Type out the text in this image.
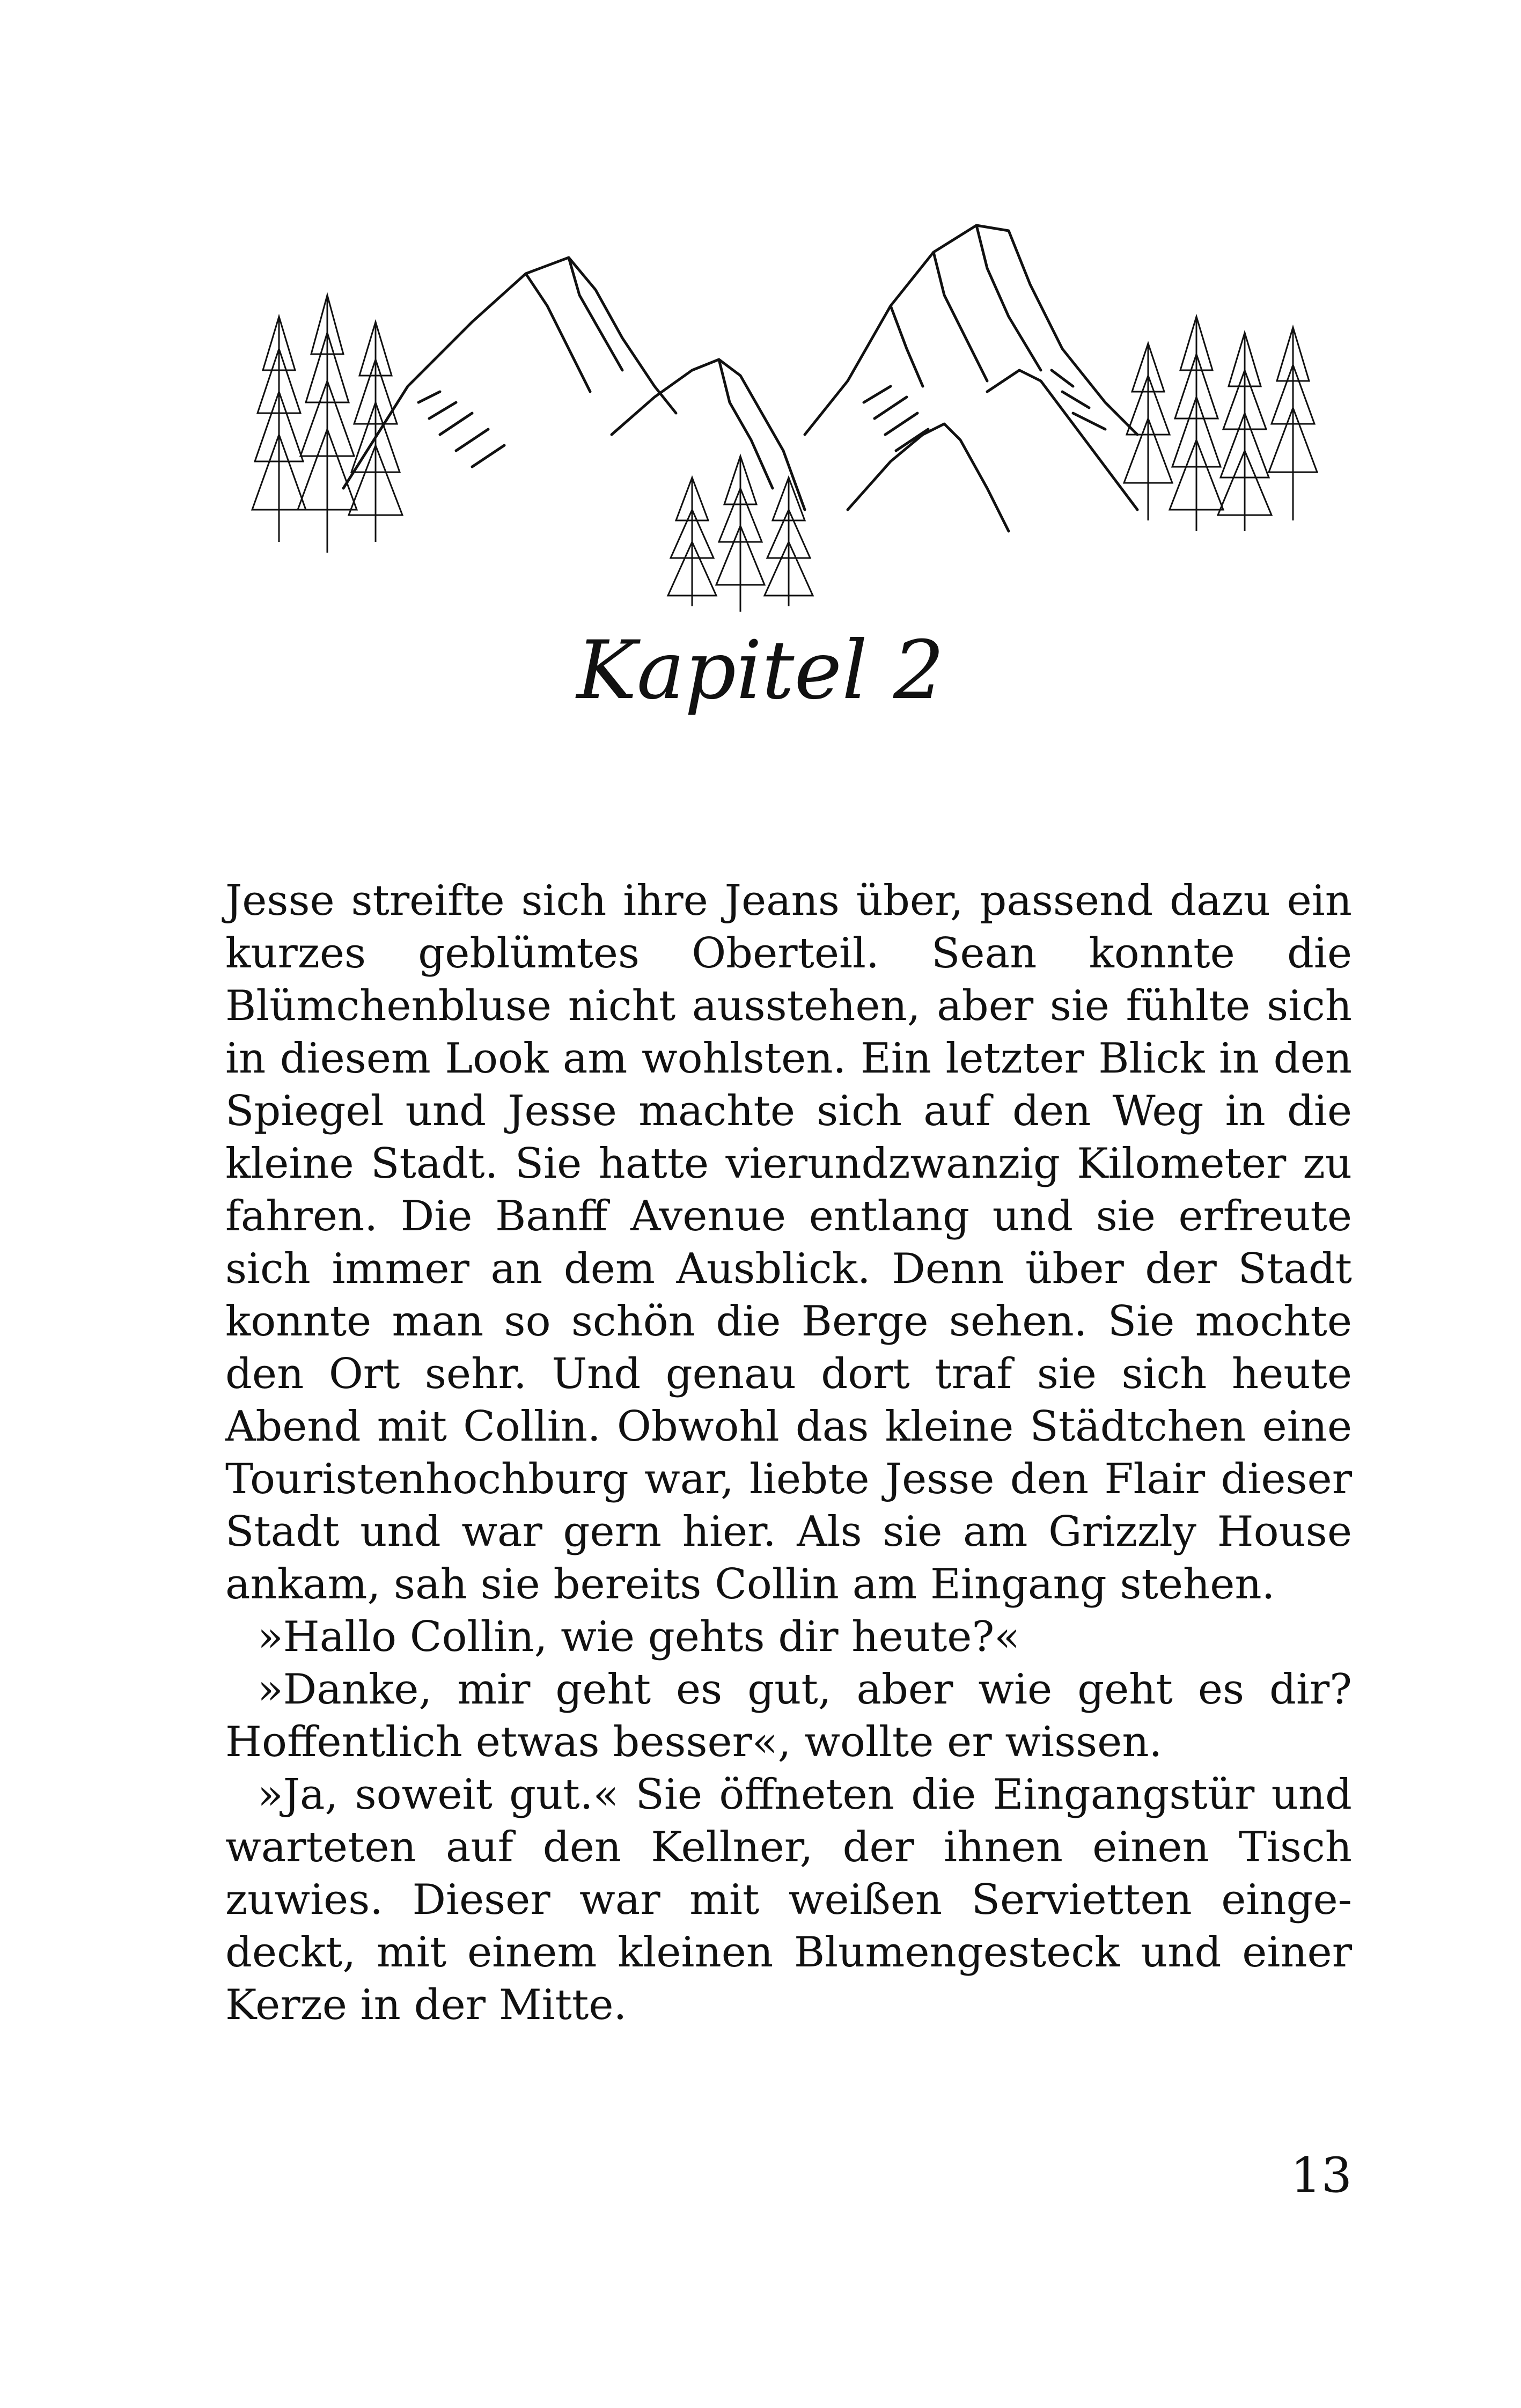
Kapitel 2

Jesse streifte sich ihre Jeans über, passend dazu ein kurzes geblümtes Oberteil. Sean konnte die Blümchenbluse nicht ausstehen, aber sie fühlte sich in diesem Look am wohlsten. Ein letzter Blick in den Spiegel und Jesse machte sich auf den Weg in die kleine Stadt. Sie hatte vierundzwanzig Kilometer zu fahren. Die Banff Avenue entlang und sie erfreute sich immer an dem Ausblick. Denn über der Stadt konnte man so schön die Berge sehen. Sie mochte den Ort sehr. Und genau dort traf sie sich heute Abend mit Collin. Obwohl das kleine Städtchen eine Touristenhochburg war, liebte Jesse den Flair dieser Stadt und war gern hier. Als sie am Grizzly House ankam, sah sie bereits Collin am Eingang stehen.

»Hallo Collin, wie gehts dir heute?«

»Danke, mir geht es gut, aber wie geht es dir? Hoffentlich etwas besser«, wollte er wissen.

»Ja, soweit gut.« Sie öffneten die Eingangstür und warteten auf den Kellner, der ihnen einen Tisch zuwies. Dieser war mit weißen Servietten eingedeckt, mit einem kleinen Blumengesteck und einer Kerze in der Mitte.

13
